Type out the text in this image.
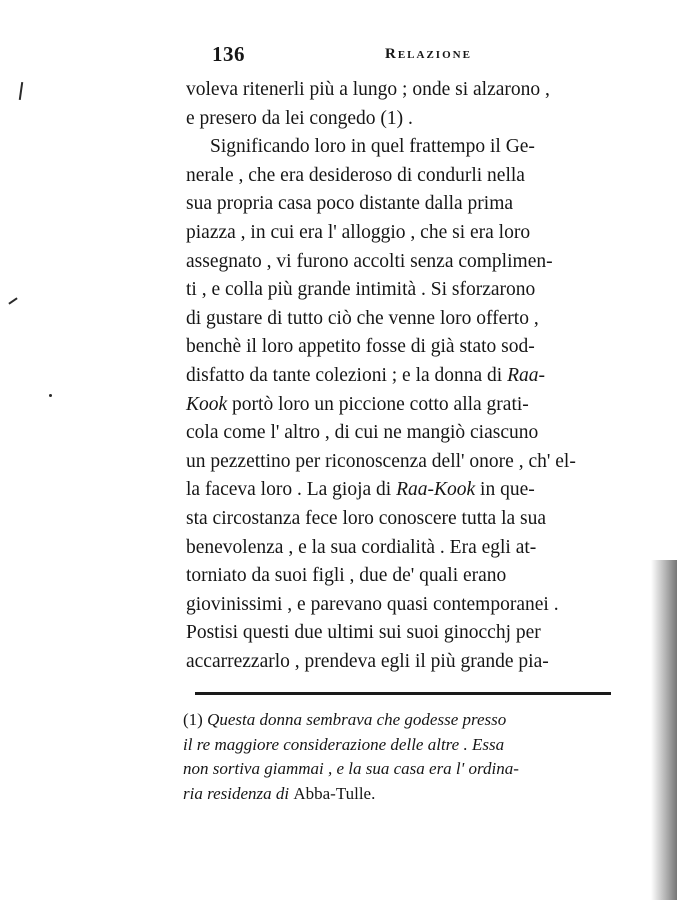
136	Relazione
voleva ritenerli più a lungo ; onde si alzarono ,
e presero da lei congedo (1) .
Significando loro in quel frattempo il Ge-
nerale , che era desideroso di condurli nella
sua propria casa poco distante dalla prima
piazza , in cui era l' alloggio , che si era loro
assegnato , vi furono accolti senza complimen-
ti , e colla più grande intimità . Si sforzarono
di gustare di tutto ciò che venne loro offerto ,
benchè il loro appetito fosse di già stato sod-
disfatto da tante colezioni ; e la donna di Raa-
Kook portò loro un piccione cotto alla grati-
cola come l' altro , di cui ne mangiò ciascuno
un pezzettino per riconoscenza dell' onore , ch' el-
la faceva loro . La gioja di Raa-Kook in que-
sta circostanza fece loro conoscere tutta la sua
benevolenza , e la sua cordialità . Era egli at-
torniato da suoi figli , due de' quali erano
giovinissimi , e parevano quasi contemporanei .
Postisi questi due ultimi sui suoi ginocchj per
accarrezzarlo , prendeva egli il più grande pia-
(1) Questa donna sembrava che godesse presso
il re maggiore considerazione delle altre . Essa
non sortiva giammai , e la sua casa era l' ordina-
ria residenza di Abba-Tulle.
